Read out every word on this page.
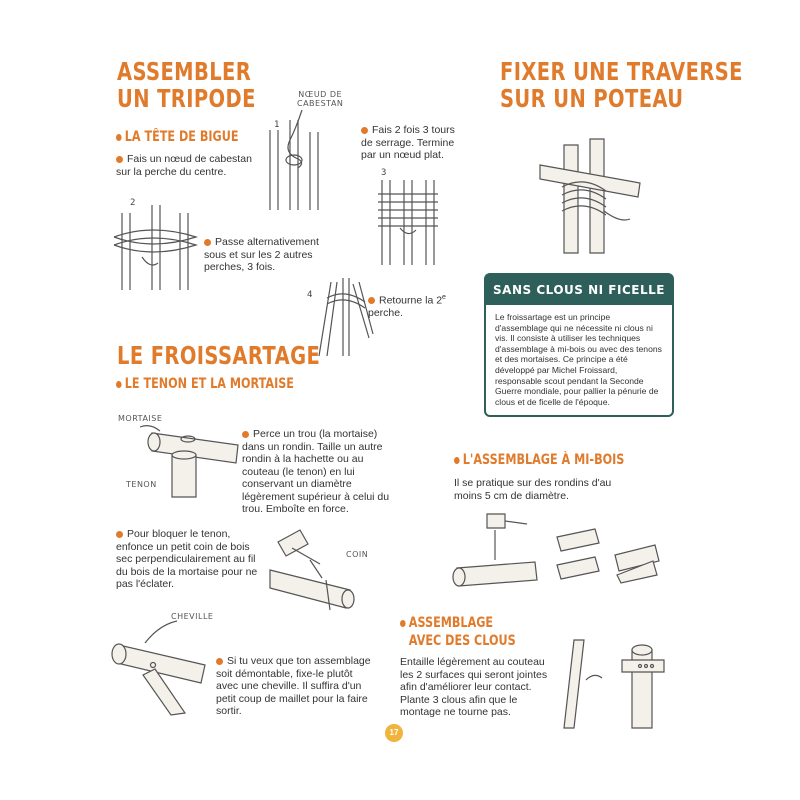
ASSEMBLER
UN TRIPODE
LA TÊTE DE BIGUE
Fais un nœud de cabestan sur la perche du centre.
1
NŒUD DE
CABESTAN
2
Passe alternativement sous et sur les 2 autres perches, 3 fois.
Fais 2 fois 3 tours de serrage. Termine par un nœud plat.
3
4	Retourne la 2e perche.
FIXER UNE TRAVERSE
SUR UN POTEAU
SANS CLOUS NI FICELLE
Le froissartage est un principe d'assemblage qui ne nécessite ni clous ni vis. Il consiste à utiliser les techniques d'assemblage à mi-bois ou avec des tenons et des mortaises. Ce principe a été développé par Michel Froissard, responsable scout pendant la Seconde Guerre mondiale, pour pallier la pénurie de clous et de ficelle de l'époque.
LE FROISSARTAGE
LE TENON ET LA MORTAISE
MORTAISE
TENON
Perce un trou (la mortaise) dans un rondin. Taille un autre rondin à la hachette ou au couteau (le tenon) en lui conservant un diamètre légèrement supérieur à celui du trou. Emboîte en force.
Pour bloquer le tenon, enfonce un petit coin de bois sec perpendiculairement au fil du bois de la mortaise pour ne pas l'éclater.
COIN
CHEVILLE
Si tu veux que ton assemblage soit démontable, fixe-le plutôt avec une cheville. Il suffira d'un petit coup de maillet pour la faire sortir.
L'ASSEMBLAGE À MI-BOIS
Il se pratique sur des rondins d'au moins 5 cm de diamètre.
ASSEMBLAGE
AVEC DES CLOUS
Entaille légèrement au couteau les 2 surfaces qui seront jointes afin d'améliorer leur contact. Plante 3 clous afin que le montage ne tourne pas.
17
